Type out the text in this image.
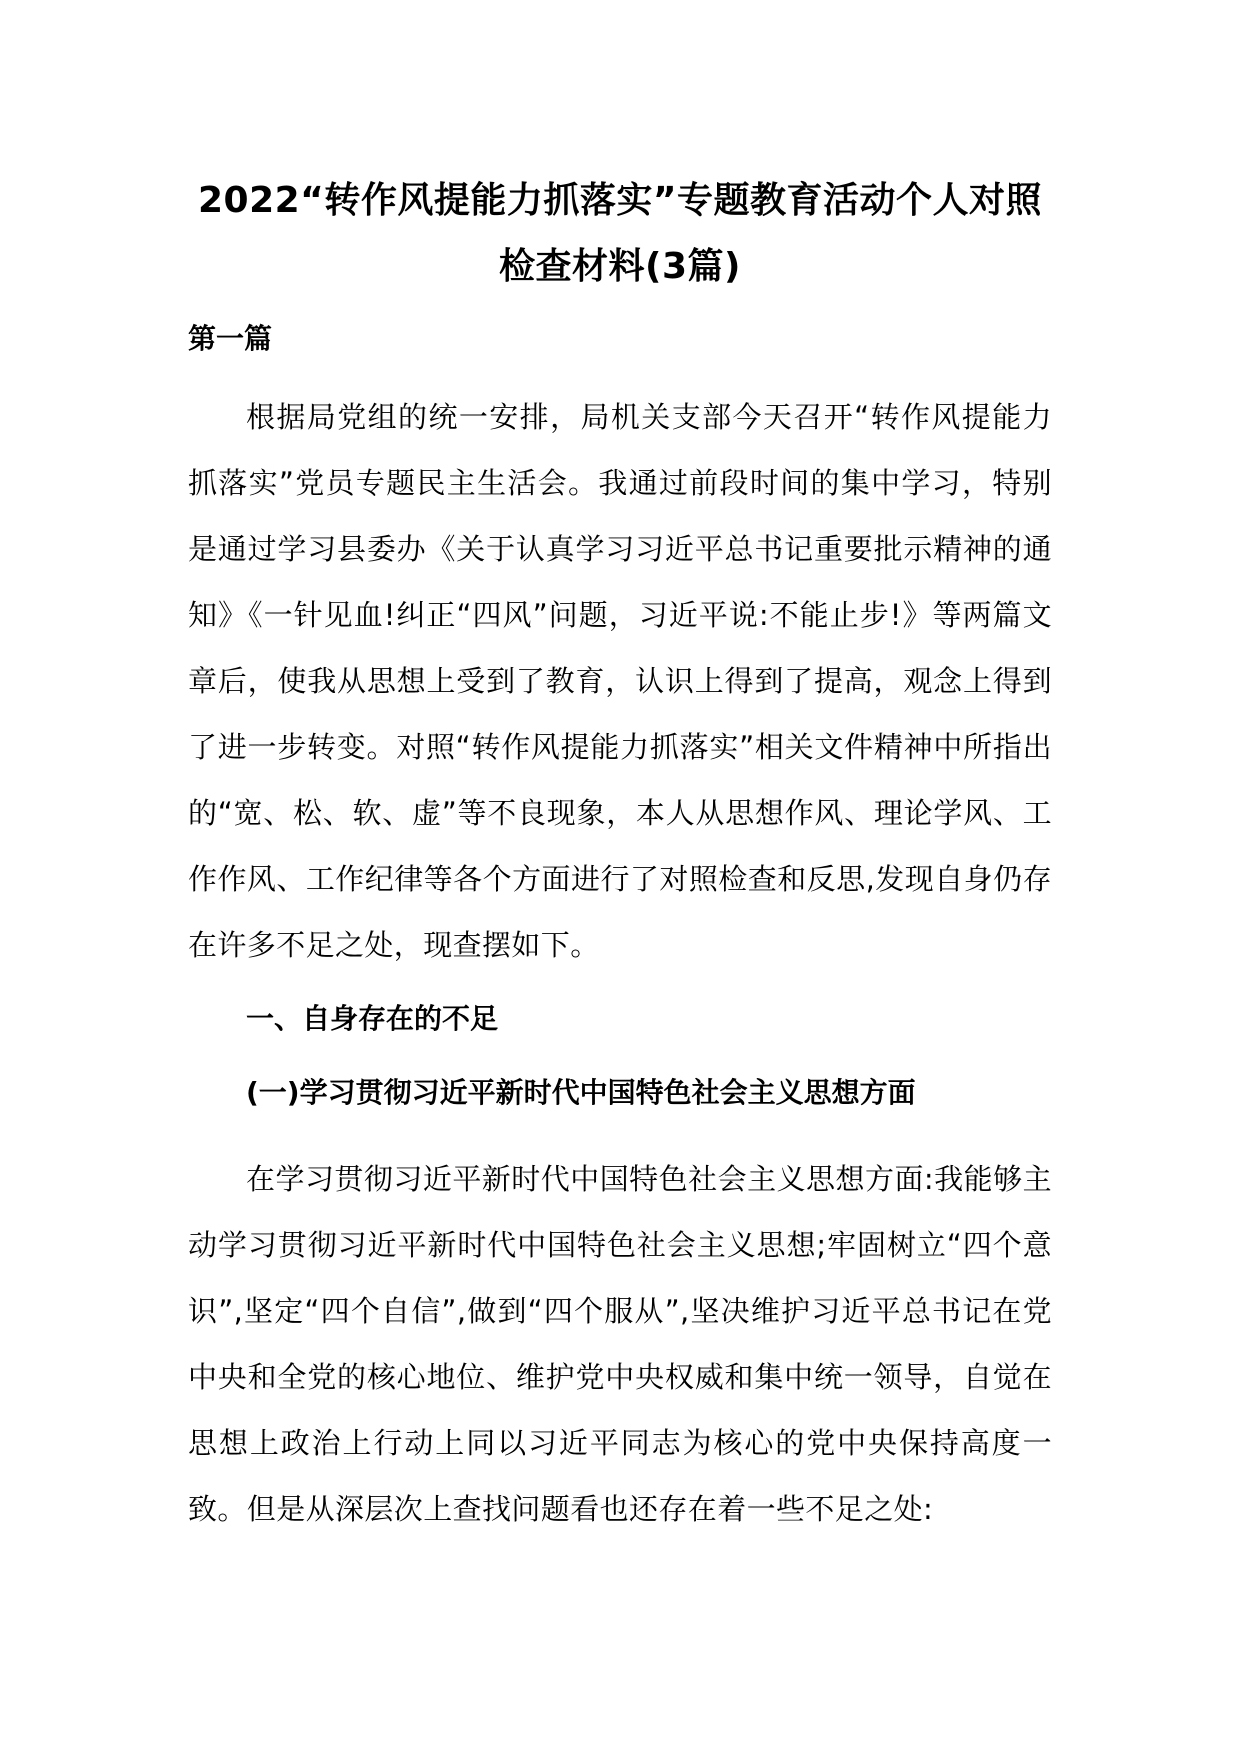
2022“转作风提能力抓落实”专题教育活动个人对照检查材料(3篇)

第一篇

根据局党组的统一安排，局机关支部今天召开“转作风提能力抓落实”党员专题民主生活会。我通过前段时间的集中学习，特别是通过学习县委办《关于认真学习习近平总书记重要批示精神的通知》《一针见血!纠正“四风”问题，习近平说:不能止步!》等两篇文章后，使我从思想上受到了教育，认识上得到了提高，观念上得到了进一步转变。对照“转作风提能力抓落实”相关文件精神中所指出的“宽、松、软、虚”等不良现象，本人从思想作风、理论学风、工作作风、工作纪律等各个方面进行了对照检查和反思,发现自身仍存在许多不足之处，现查摆如下。

一、自身存在的不足

(一)学习贯彻习近平新时代中国特色社会主义思想方面

在学习贯彻习近平新时代中国特色社会主义思想方面:我能够主动学习贯彻习近平新时代中国特色社会主义思想;牢固树立“四个意识”,坚定“四个自信”,做到“四个服从”,坚决维护习近平总书记在党中央和全党的核心地位、维护党中央权威和集中统一领导，自觉在思想上政治上行动上同以习近平同志为核心的党中央保持高度一致。但是从深层次上查找问题看也还存在着一些不足之处:
